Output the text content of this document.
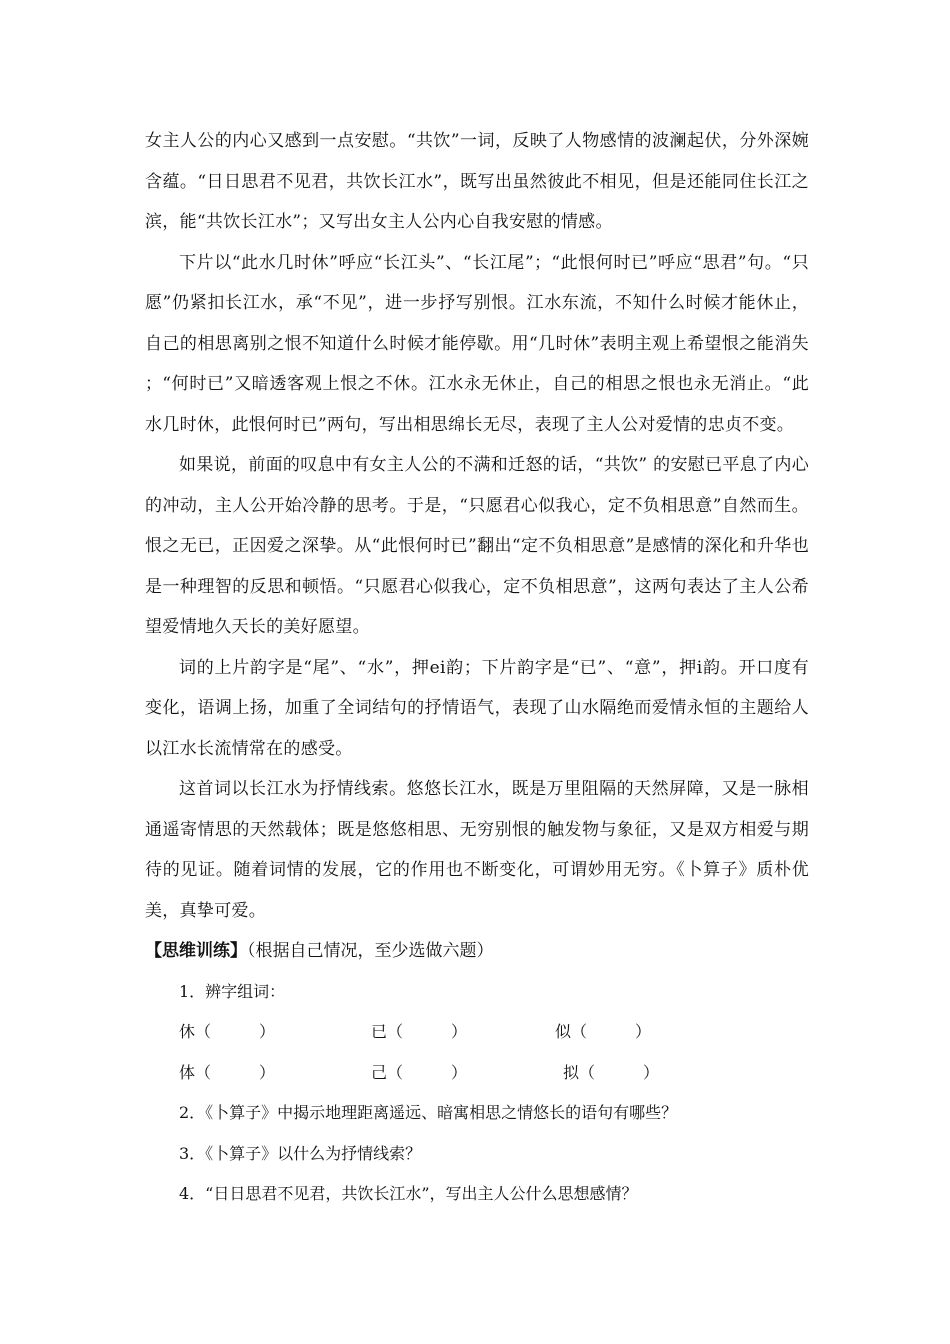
女主人公的内心又感到一点安慰。“共饮”一词，反映了人物感情的波澜起伏，分外深婉含蕴。“日日思君不见君，共饮长江水”，既写出虽然彼此不相见，但是还能同住长江之滨，能“共饮长江水”；又写出女主人公内心自我安慰的情感。

下片以“此水几时休”呼应“长江头”、“长江尾”；“此恨何时已”呼应“思君”句。“只愿”仍紧扣长江水，承“不见”，进一步抒写别恨。江水东流，不知什么时候才能休止，自己的相思离别之恨不知道什么时候才能停歇。用“几时休”表明主观上希望恨之能消失；“何时已”又暗透客观上恨之不休。江水永无休止，自己的相思之恨也永无消止。“此水几时休，此恨何时已”两句，写出相思绵长无尽，表现了主人公对爱情的忠贞不变。

如果说，前面的叹息中有女主人公的不满和迁怒的话，“共饮” 的安慰已平息了内心的冲动，主人公开始冷静的思考。于是，“只愿君心似我心，定不负相思意”自然而生。恨之无已，正因爱之深挚。从“此恨何时已”翻出“定不负相思意”是感情的深化和升华也是一种理智的反思和顿悟。“只愿君心似我心，定不负相思意”，这两句表达了主人公希望爱情地久天长的美好愿望。

词的上片韵字是“尾”、“水”，押ei韵；下片韵字是“已”、“意”，押i韵。开口度有变化，语调上扬，加重了全词结句的抒情语气，表现了山水隔绝而爱情永恒的主题给人以江水长流情常在的感受。

这首词以长江水为抒情线索。悠悠长江水，既是万里阻隔的天然屏障，又是一脉相通遥寄情思的天然载体；既是悠悠相思、无穷别恨的触发物与象征，又是双方相爱与期待的见证。随着词情的发展，它的作用也不断变化，可谓妙用无穷。《卜算子》质朴优美，真挚可爱。

【思维训练】（根据自己情况，至少选做六题）

1．辨字组词：

休（　　　）	已（　　　）	似（　　　）
体（　　　）	己（　　　）	拟（　　　）

2．《卜算子》中揭示地理距离遥远、暗寓相思之情悠长的语句有哪些？

3．《卜算子》以什么为抒情线索？

4．“日日思君不见君，共饮长江水”，写出主人公什么思想感情？
